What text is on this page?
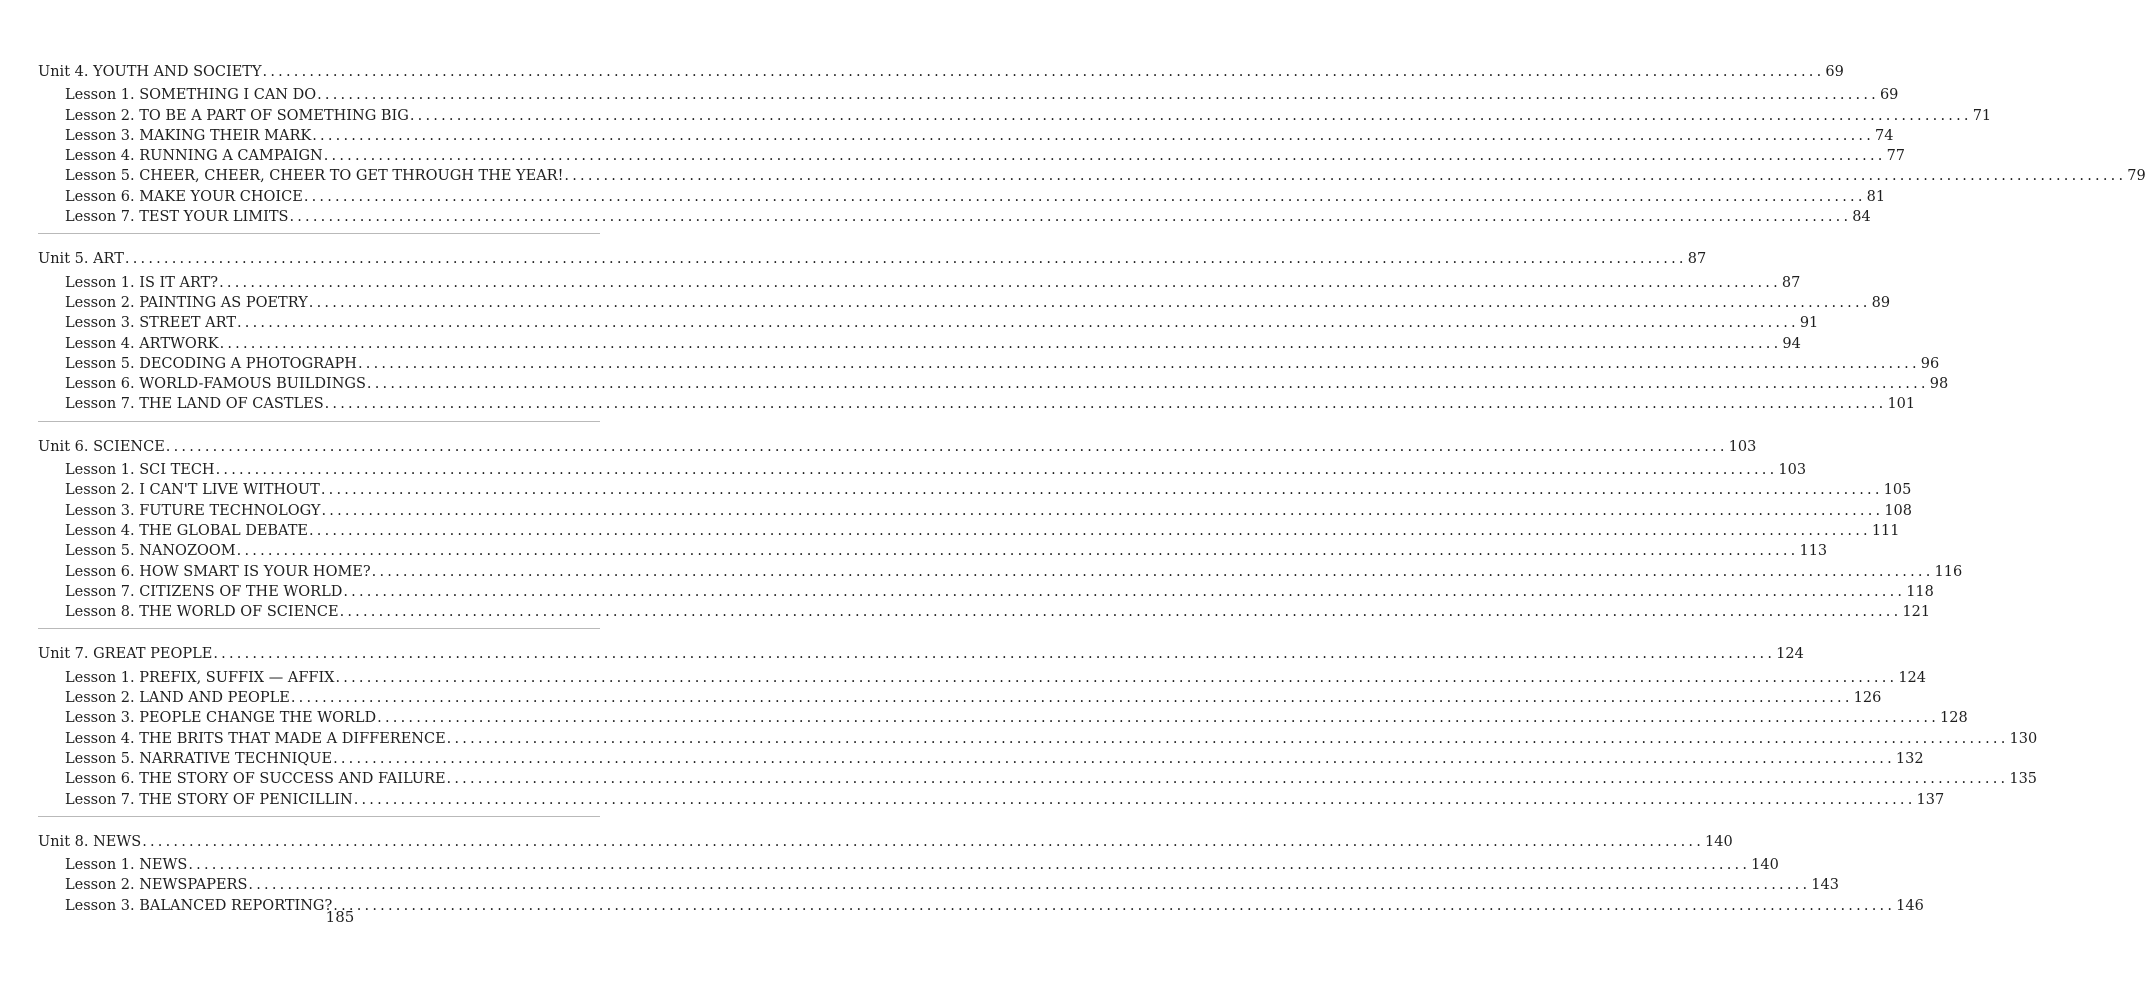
Unit 4. YOUTH AND SOCIETY ........................................................................................................................................................................................................ 69
Lesson 1. SOMETHING I CAN DO ........................................................................................................................................................................................................ 69
Lesson 2. TO BE A PART OF SOMETHING BIG ........................................................................................................................................................................................................ 71
Lesson 3. MAKING THEIR MARK ........................................................................................................................................................................................................ 74
Lesson 4. RUNNING A CAMPAIGN ........................................................................................................................................................................................................ 77
Lesson 5. CHEER, CHEER, CHEER TO GET THROUGH THE YEAR! ........................................................................................................................................................................................................ 79
Lesson 6. MAKE YOUR CHOICE ........................................................................................................................................................................................................ 81
Lesson 7. TEST YOUR LIMITS ........................................................................................................................................................................................................ 84
Unit 5. ART ........................................................................................................................................................................................................ 87
Lesson 1. IS IT ART? ........................................................................................................................................................................................................ 87
Lesson 2. PAINTING AS POETRY ........................................................................................................................................................................................................ 89
Lesson 3. STREET ART ........................................................................................................................................................................................................ 91
Lesson 4. ARTWORK ........................................................................................................................................................................................................ 94
Lesson 5. DECODING A PHOTOGRAPH ........................................................................................................................................................................................................ 96
Lesson 6. WORLD-FAMOUS BUILDINGS ........................................................................................................................................................................................................ 98
Lesson 7. THE LAND OF CASTLES ........................................................................................................................................................................................................ 101
Unit 6. SCIENCE ........................................................................................................................................................................................................ 103
Lesson 1. SCI TECH ........................................................................................................................................................................................................ 103
Lesson 2. I CAN'T LIVE WITHOUT ........................................................................................................................................................................................................ 105
Lesson 3. FUTURE TECHNOLOGY ........................................................................................................................................................................................................ 108
Lesson 4. THE GLOBAL DEBATE ........................................................................................................................................................................................................ 111
Lesson 5. NANOZOOM ........................................................................................................................................................................................................ 113
Lesson 6. HOW SMART IS YOUR HOME? ........................................................................................................................................................................................................ 116
Lesson 7. CITIZENS OF THE WORLD ........................................................................................................................................................................................................ 118
Lesson 8. THE WORLD OF SCIENCE ........................................................................................................................................................................................................ 121
Unit 7. GREAT PEOPLE ........................................................................................................................................................................................................ 124
Lesson 1. PREFIX, SUFFIX — AFFIX ........................................................................................................................................................................................................ 124
Lesson 2. LAND AND PEOPLE ........................................................................................................................................................................................................ 126
Lesson 3. PEOPLE CHANGE THE WORLD ........................................................................................................................................................................................................ 128
Lesson 4. THE BRITS THAT MADE A DIFFERENCE ........................................................................................................................................................................................................ 130
Lesson 5. NARRATIVE TECHNIQUE ........................................................................................................................................................................................................ 132
Lesson 6. THE STORY OF SUCCESS AND FAILURE ........................................................................................................................................................................................................ 135
Lesson 7. THE STORY OF PENICILLIN ........................................................................................................................................................................................................ 137
Unit 8. NEWS ........................................................................................................................................................................................................ 140
Lesson 1. NEWS ........................................................................................................................................................................................................ 140
Lesson 2. NEWSPAPERS ........................................................................................................................................................................................................ 143
Lesson 3. BALANCED REPORTING? ........................................................................................................................................................................................................ 146
185
